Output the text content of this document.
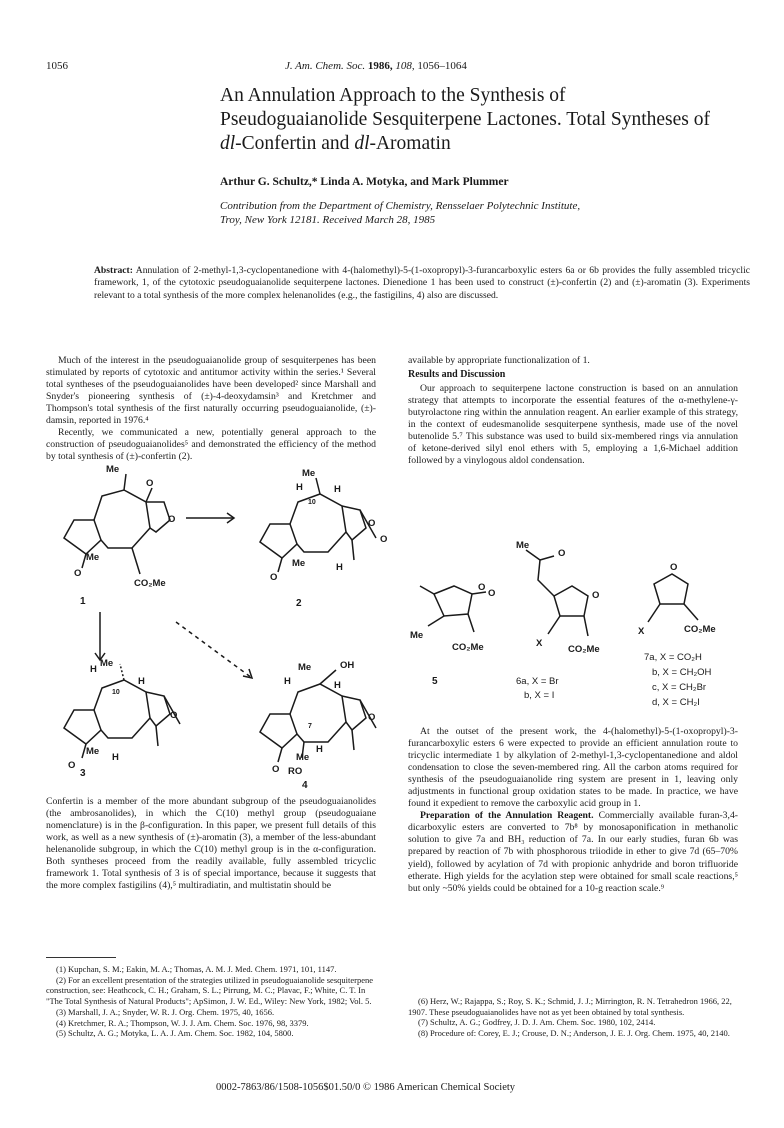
1056	J. Am. Chem. Soc. 1986, 108, 1056–1064
An Annulation Approach to the Synthesis of
Pseudoguaianolide Sesquiterpene Lactones. Total Syntheses of
dl-Confertin and dl-Aromatin
Arthur G. Schultz,* Linda A. Motyka, and Mark Plummer
Contribution from the Department of Chemistry, Rensselaer Polytechnic Institute,
Troy, New York 12181. Received March 28, 1985
Abstract: Annulation of 2-methyl-1,3-cyclopentanedione with 4-(halomethyl)-5-(1-oxopropyl)-3-furancarboxylic esters 6a or 6b provides the fully assembled tricyclic framework, 1, of the cytotoxic pseudoguaianolide sequiterpene lactones. Dienedione 1 has been used to construct (±)-confertin (2) and (±)-aromatin (3). Experiments relevant to a total synthesis of the more complex helenanolides (e.g., the fastigilins, 4) also are discussed.

Much of the interest in the pseudoguaianolide group of sesquiterpenes has been stimulated by reports of cytotoxic and antitumor activity within the series.¹ Several total syntheses of the pseudoguaianolides have been developed² since Marshall and Snyder's pioneering synthesis of (±)-4-deoxydamsin³ and Kretchmer and Thompson's total synthesis of the first naturally occurring pseudoguaianolide, (±)-damsin, reported in 1976.⁴

Recently, we communicated a new, potentially general approach to the construction of pseudoguaianolides⁵ and demonstrated the efficiency of the method by total synthesis of (±)-confertin (2).

Me
O
O
O
Me
CO₂Me
1
Me
H
10
H
O
O
O
Me	H
2
Me
H
10
H
O
O
Me
H
3
Me
H
OH
H
7
O
O
Me
H
RO
4

Confertin is a member of the more abundant subgroup of the pseudoguaianolides (the ambrosanolides), in which the C(10) methyl group (pseudoguaiane nomenclature) is in the β-configuration. In this paper, we present full details of this work, as well as a new synthesis of (±)-aromatin (3), a member of the less-abundant helenanolide subgroup, in which the C(10) methyl group is in the α-configuration. Both syntheses proceed from the readily available, fully assembled tricyclic framework 1. Total synthesis of 3 is of special importance, because it suggests that the more complex fastigilins (4),⁵ multiradiatin, and multistatin should be

(1) Kupchan, S. M.; Eakin, M. A.; Thomas, A. M. J. Med. Chem. 1971, 101, 1147.

(2) For an excellent presentation of the strategies utilized in pseudoguaianolide sesquiterpene construction, see: Heathcock, C. H.; Graham, S. L.; Pirrung, M. C.; Plavac, F.; White, C. T. In "The Total Synthesis of Natural Products"; ApSimon, J. W. Ed., Wiley: New York, 1982; Vol. 5.

(3) Marshall, J. A.; Snyder, W. R. J. Org. Chem. 1975, 40, 1656.

(4) Kretchmer, R. A.; Thompson, W. J. J. Am. Chem. Soc. 1976, 98, 3379.

(5) Schultz, A. G.; Motyka, L. A. J. Am. Chem. Soc. 1982, 104, 5800.

available by appropriate functionalization of 1.

Results and Discussion

Our approach to sequiterpene lactone construction is based on an annulation strategy that attempts to incorporate the essential features of the α-methylene-γ-butyrolactone ring within the annulation reagent. An earlier example of this strategy, in the context of eudesmanolide sesquiterpene synthesis, made use of the novel butenolide 5.⁷ This substance was used to build six-membered rings via annulation of ketone-derived silyl enol ethers with 5, employing a 1,6-Michael addition followed by a vinylogous aldol condensation.

O
O
Me
CO₂Me
5
Me
O
O
X
CO₂Me
6a, X = Br
b, X = I
O
X	CO₂Me
7a, X = CO₂H
b, X = CH₂OH
c, X = CH₂Br
d, X = CH₂I

At the outset of the present work, the 4-(halomethyl)-5-(1-oxopropyl)-3-furancarboxylic esters 6 were expected to provide an efficient annulation route to tricyclic intermediate 1 by alkylation of 2-methyl-1,3-cyclopentanedione and aldol condensation to close the seven-membered ring. All the carbon atoms required for synthesis of the pseudoguaianolide ring system are present in 1, leaving only adjustments in functional group oxidation states to be made. In practice, we have found it expedient to remove the carboxylic acid group in 1.

Preparation of the Annulation Reagent. Commercially available furan-3,4-dicarboxylic esters are converted to 7b⁸ by monosaponification in methanolic solution to give 7a and BH₃ reduction of 7a. In our early studies, furan 6b was prepared by reaction of 7b with phosphorous triiodide in ether to give 7d (65–70% yield), followed by acylation of 7d with propionic anhydride and boron trifluoride etherate. High yields for the acylation step were obtained for small scale reactions,⁵ but only ~50% yields could be obtained for a 10-g reaction scale.⁹

(6) Herz, W.; Rajappa, S.; Roy, S. K.; Schmid, J. J.; Mirrington, R. N. Tetrahedron 1966, 22, 1907. These pseudoguaianolides have not as yet been obtained by total synthesis.

(7) Schultz, A. G.; Godfrey, J. D. J. Am. Chem. Soc. 1980, 102, 2414.

(8) Procedure of: Corey, E. J.; Crouse, D. N.; Anderson, J. E. J. Org. Chem. 1975, 40, 2140.

0002-7863/86/1508-1056$01.50/0 © 1986 American Chemical Society
